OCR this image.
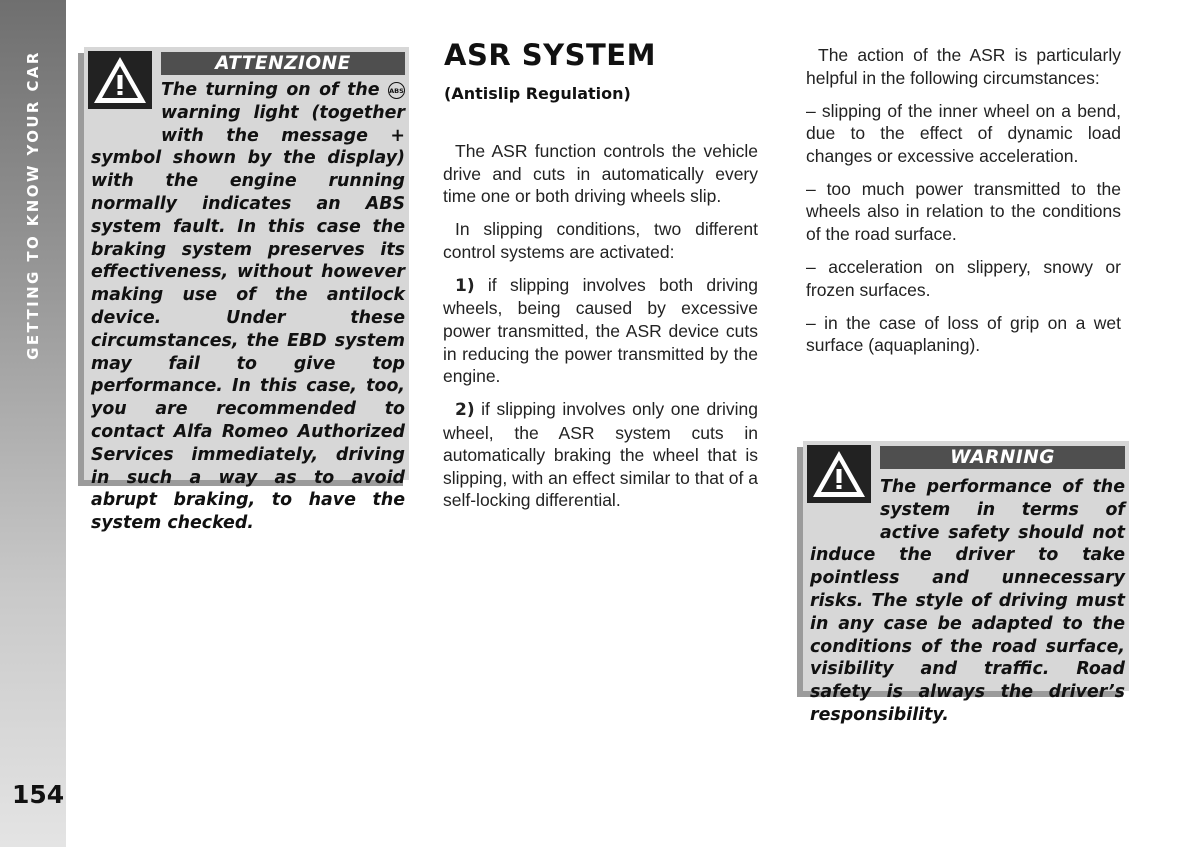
GETTING TO KNOW YOUR CAR
154
ATTENZIONE
The turning on of the ABS warning light (together with the message + symbol shown by the display) with the engine running normally indicates an ABS system fault. In this case the braking system preserves its effectiveness, without however making use of the antilock device. Under these circumstances, the EBD system may fail to give top performance. In this case, too, you are recommended to contact Alfa Romeo Authorized Services immediately, driving in such a way as to avoid abrupt braking, to have the system checked.
ASR SYSTEM
(Antislip Regulation)

The ASR function controls the vehicle drive and cuts in automatically every time one or both driving wheels slip.

In slipping conditions, two different control systems are activated:

1) if slipping involves both driving wheels, being caused by excessive power transmitted, the ASR device cuts in reducing the power transmitted by the engine.

2) if slipping involves only one driving wheel, the ASR system cuts in automatically braking the wheel that is slipping, with an effect similar to that of a self-locking differential.

The action of the ASR is particularly helpful in the following circumstances:

– slipping of the inner wheel on a bend, due to the effect of dynamic load changes or excessive acceleration.

– too much power transmitted to the wheels also in relation to the conditions of the road surface.

– acceleration on slippery, snowy or frozen surfaces.

– in the case of loss of grip on a wet surface (aquaplaning).

WARNING
The performance of the system in terms of active safety should not induce the driver to take pointless and unnecessary risks. The style of driving must in any case be adapted to the conditions of the road surface, visibility and traffic. Road safety is always the driver’s responsibility.
